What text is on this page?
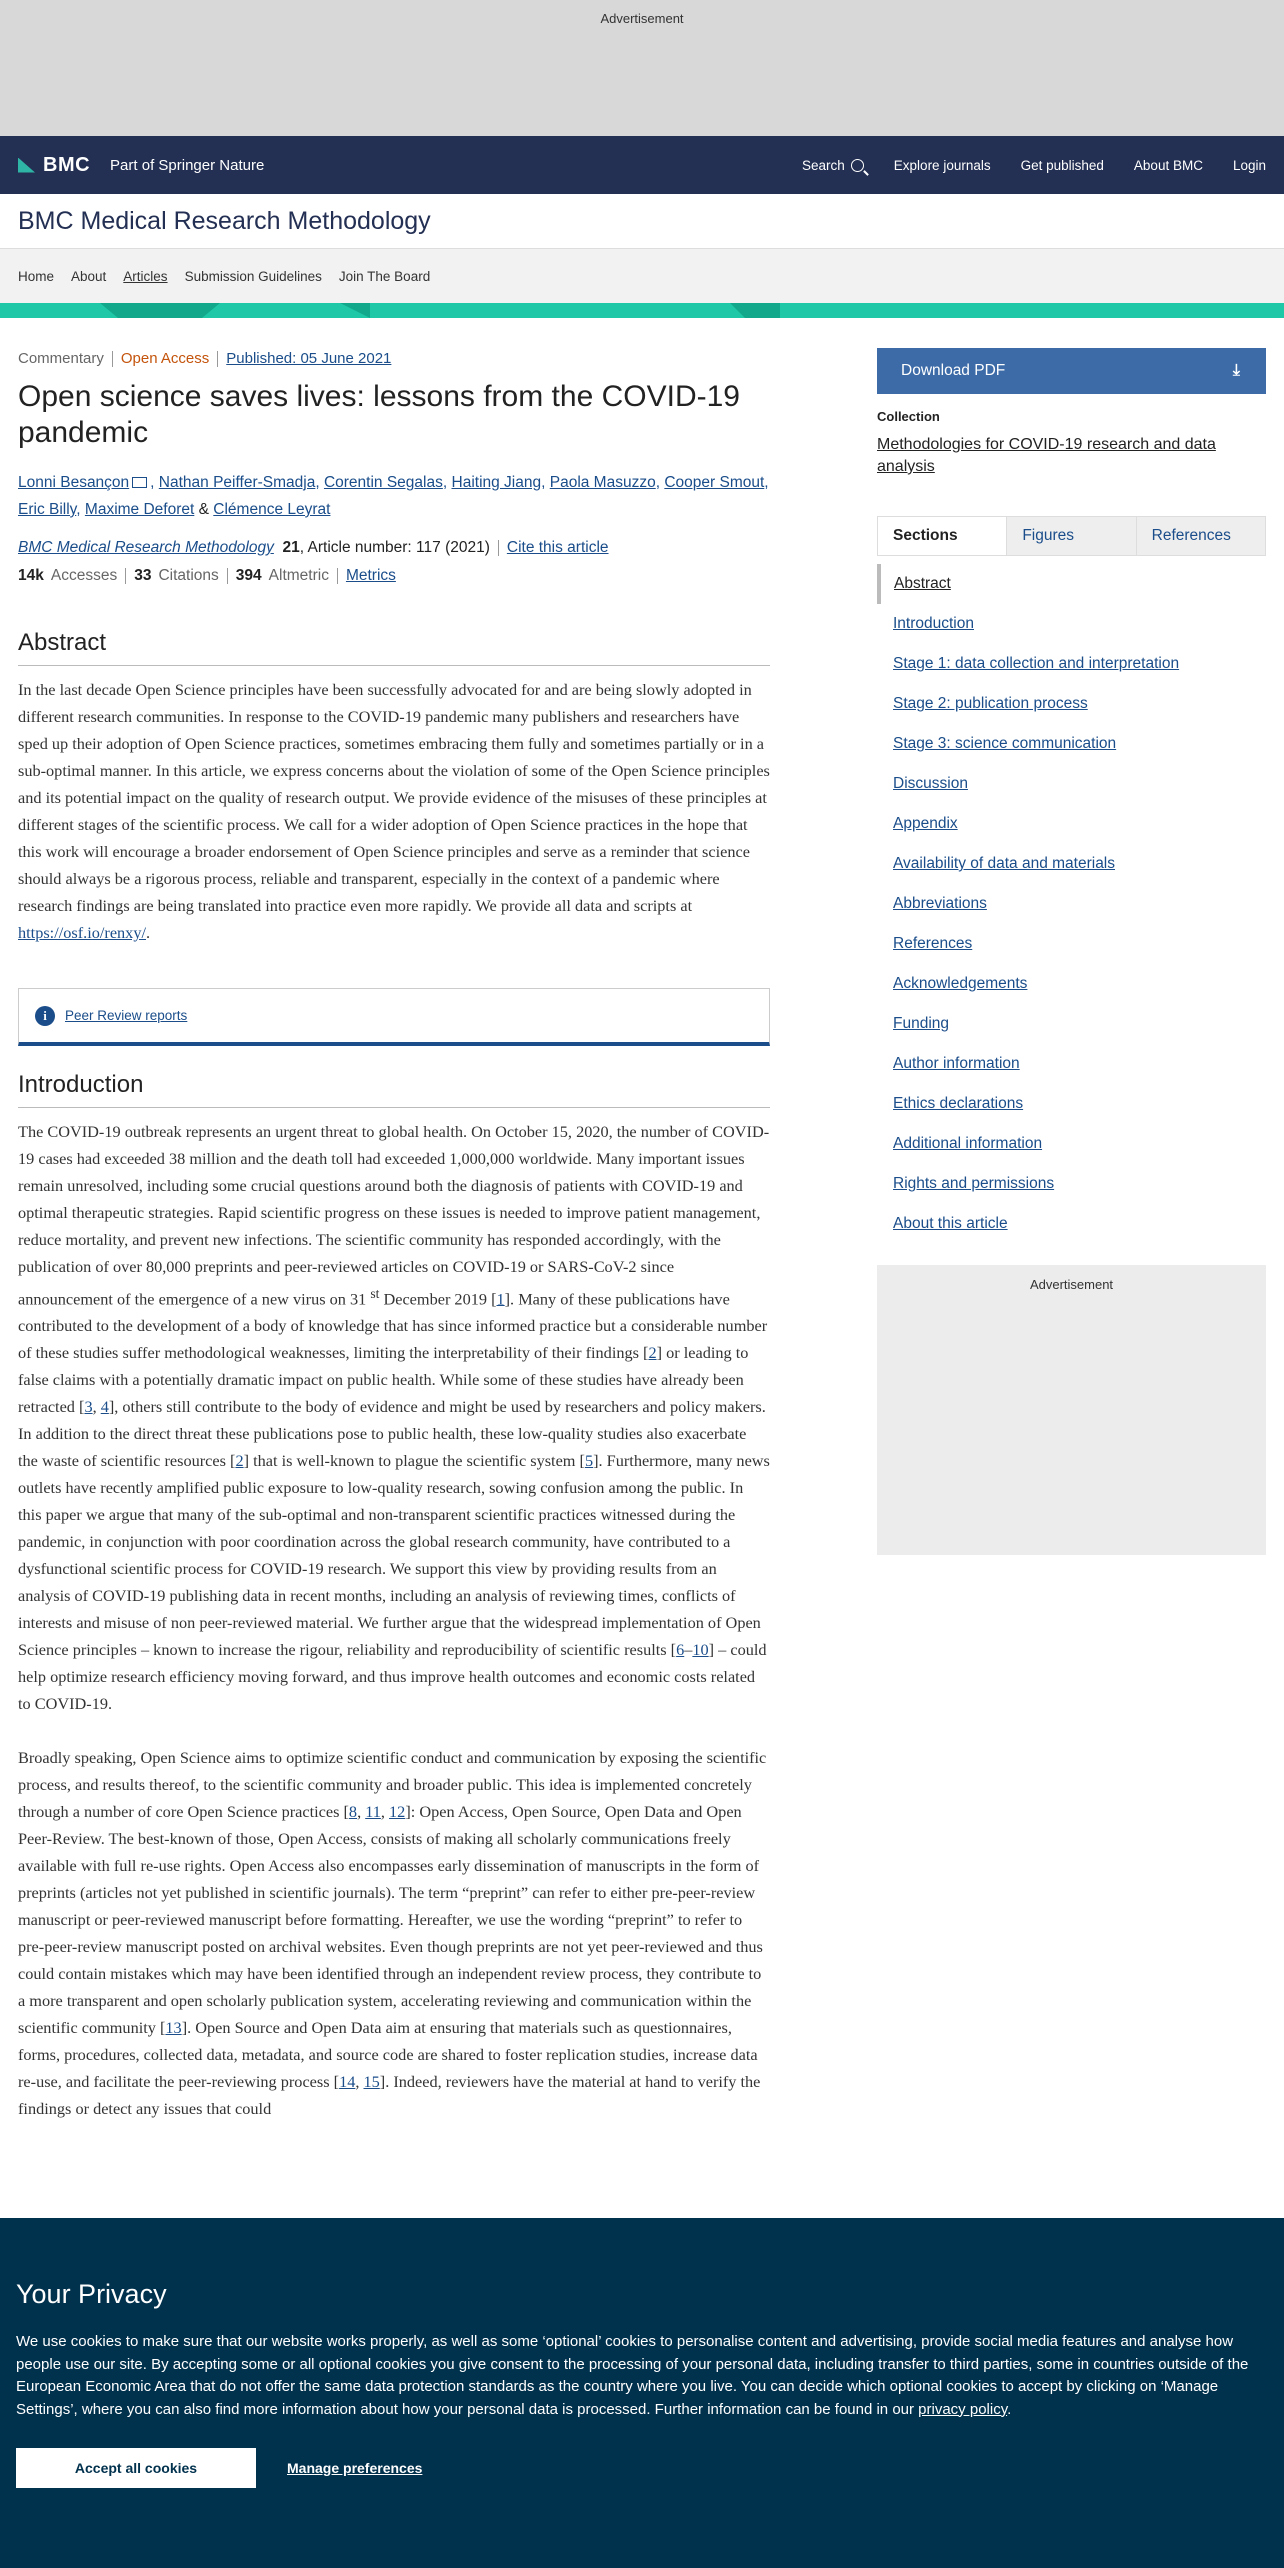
Advertisement
BMC Part of Springer Nature	Search	Explore journals Get published About BMC Login
BMC Medical Research Methodology
Home About Articles Submission Guidelines Join The Board
Commentary Open Access Published: 05 June 2021
Open science saves lives: lessons from the COVID-19 pandemic
Lonni Besançon , Nathan Peiffer-Smadja, Corentin Segalas, Haiting Jiang, Paola Masuzzo, Cooper Smout, Eric Billy, Maxime Deforet & Clémence Leyrat
BMC Medical Research Methodology
21 , Article number: 117 (2021) Cite this article
14k Accesses 33 Citations 394 Altmetric Metrics
Abstract
In the last decade Open Science principles have been successfully advocated for and are being slowly adopted in different research communities. In response to the COVID-19 pandemic many publishers and researchers have sped up their adoption of Open Science practices, sometimes embracing them fully and sometimes partially or in a sub-optimal manner. In this article, we express concerns about the violation of some of the Open Science principles and its potential impact on the quality of research output. We provide evidence of the misuses of these principles at different stages of the scientific process. We call for a wider adoption of Open Science practices in the hope that this work will encourage a broader endorsement of Open Science principles and serve as a reminder that science should always be a rigorous process, reliable and transparent, especially in the context of a pandemic where research findings are being translated into practice even more rapidly. We provide all data and scripts at https://osf.io/renxy/.
i	Peer Review reports
Introduction
The COVID-19 outbreak represents an urgent threat to global health. On October 15, 2020, the number of COVID-19 cases had exceeded 38 million and the death toll had exceeded 1,000,000 worldwide. Many important issues remain unresolved, including some crucial questions around both the diagnosis of patients with COVID-19 and optimal therapeutic strategies. Rapid scientific progress on these issues is needed to improve patient management, reduce mortality, and prevent new infections. The scientific community has responded accordingly, with the publication of over 80,000 preprints and peer-reviewed articles on COVID-19 or SARS-CoV-2 since announcement of the emergence of a new virus on 31 $^{st}$ December 2019 [1]. Many of these publications have contributed to the development of a body of knowledge that has since informed practice but a considerable number of these studies suffer methodological weaknesses, limiting the interpretability of their findings [2] or leading to false claims with a potentially dramatic impact on public health. While some of these studies have already been retracted [3, 4], others still contribute to the body of evidence and might be used by researchers and policy makers. In addition to the direct threat these publications pose to public health, these low-quality studies also exacerbate the waste of scientific resources [2] that is well-known to plague the scientific system [5]. Furthermore, many news outlets have recently amplified public exposure to low-quality research, sowing confusion among the public. In this paper we argue that many of the sub-optimal and non-transparent scientific practices witnessed during the pandemic, in conjunction with poor coordination across the global research community, have contributed to a dysfunctional scientific process for COVID-19 research. We support this view by providing results from an analysis of COVID-19 publishing data in recent months, including an analysis of reviewing times, conflicts of interests and misuse of non peer-reviewed material. We further argue that the widespread implementation of Open Science principles – known to increase the rigour, reliability and reproducibility of scientific results [6–10] – could help optimize research efficiency moving forward, and thus improve health outcomes and economic costs related to COVID-19.
Broadly speaking, Open Science aims to optimize scientific conduct and communication by exposing the scientific process, and results thereof, to the scientific community and broader public. This idea is implemented concretely through a number of core Open Science practices [8, 11, 12]: Open Access, Open Source, Open Data and Open Peer-Review. The best-known of those, Open Access, consists of making all scholarly communications freely available with full re-use rights. Open Access also encompasses early dissemination of manuscripts in the form of preprints (articles not yet published in scientific journals). The term “preprint” can refer to either pre-peer-review manuscript or peer-reviewed manuscript before formatting. Hereafter, we use the wording “preprint” to refer to pre-peer-review manuscript posted on archival websites. Even though preprints are not yet peer-reviewed and thus could contain mistakes which may have been identified through an independent review process, they contribute to a more transparent and open scholarly publication system, accelerating reviewing and communication within the scientific community [13]. Open Source and Open Data aim at ensuring that materials such as questionnaires, forms, procedures, collected data, metadata, and source code are shared to foster replication studies, increase data re-use, and facilitate the peer-reviewing process [14, 15]. Indeed, reviewers have the material at hand to verify the findings or detect any issues that could
Download PDF	⤓
Collection
Methodologies for COVID-19 research and data analysis
Sections	Figures	References
Abstract
Introduction
Stage 1: data collection and interpretation
Stage 2: publication process
Stage 3: science communication
Discussion
Appendix
Availability of data and materials
Abbreviations
References
Acknowledgements
Funding
Author information
Ethics declarations
Additional information
Rights and permissions
About this article
Advertisement
Your Privacy
We use cookies to make sure that our website works properly, as well as some ‘optional’ cookies to personalise content and advertising, provide social media features and analyse how people use our site. By accepting some or all optional cookies you give consent to the processing of your personal data, including transfer to third parties, some in countries outside of the European Economic Area that do not offer the same data protection standards as the country where you live. You can decide which optional cookies to accept by clicking on ‘Manage Settings’, where you can also find more information about how your personal data is processed. Further information can be found in our privacy policy.
Accept all cookies	Manage preferences
